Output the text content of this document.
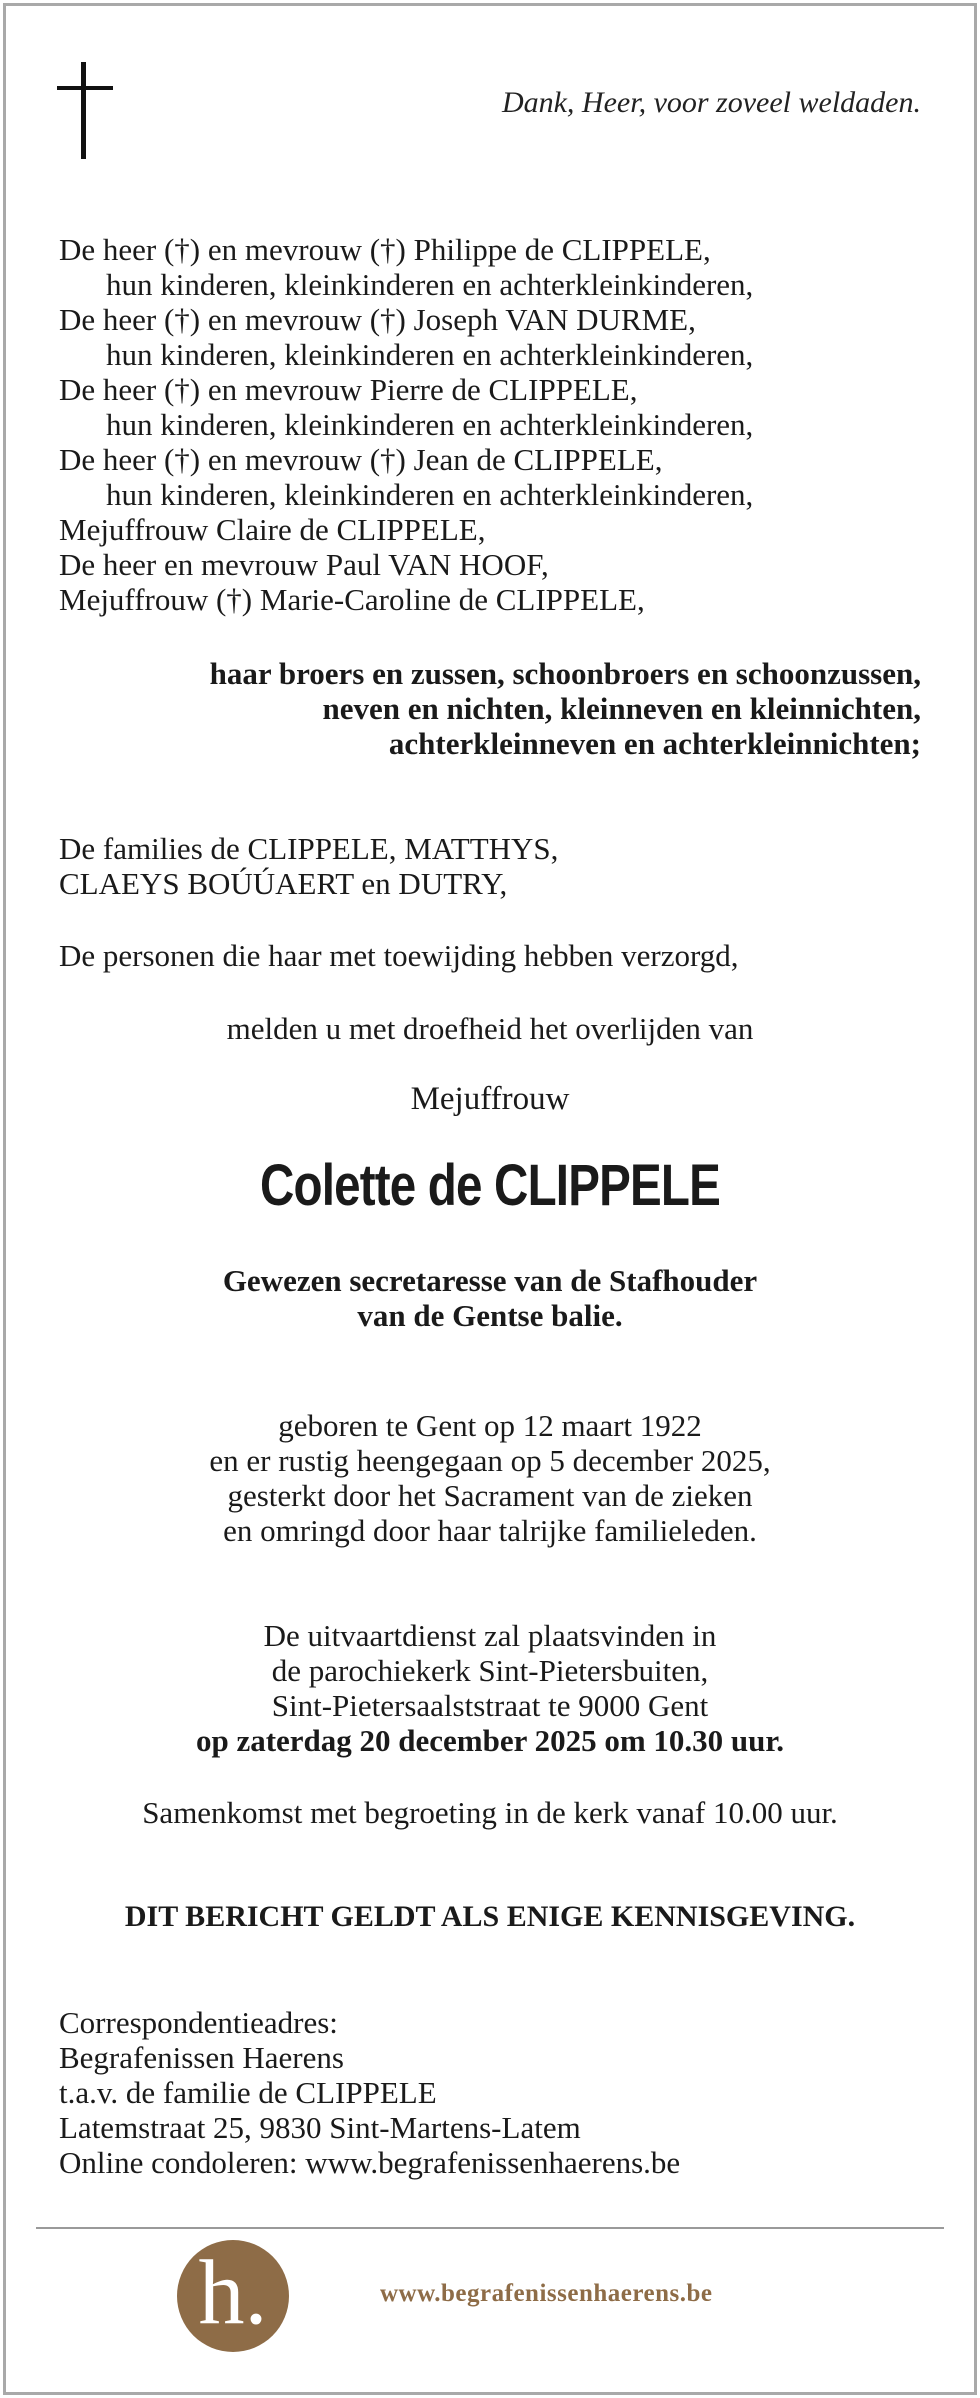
Dank, Heer, voor zoveel weldaden.
De heer (†) en mevrouw (†) Philippe de CLIPPELE,
hun kinderen, kleinkinderen en achterkleinkinderen,
De heer (†) en mevrouw (†) Joseph VAN DURME,
hun kinderen, kleinkinderen en achterkleinkinderen,
De heer (†) en mevrouw Pierre de CLIPPELE,
hun kinderen, kleinkinderen en achterkleinkinderen,
De heer (†) en mevrouw (†) Jean de CLIPPELE,
hun kinderen, kleinkinderen en achterkleinkinderen,
Mejuffrouw Claire de CLIPPELE,
De heer en mevrouw Paul VAN HOOF,
Mejuffrouw (†) Marie-Caroline de CLIPPELE,
haar broers en zussen, schoonbroers en schoonzussen,
neven en nichten, kleinneven en kleinnichten,
achterkleinneven en achterkleinnichten;
De families de CLIPPELE, MATTHYS,
CLAEYS BOÚÚAERT en DUTRY,
De personen die haar met toewijding hebben verzorgd,
melden u met droefheid het overlijden van
Mejuffrouw
Colette de CLIPPELE
Gewezen secretaresse van de Stafhouder
van de Gentse balie.
geboren te Gent op 12 maart 1922
en er rustig heengegaan op 5 december 2025,
gesterkt door het Sacrament van de zieken
en omringd door haar talrijke familieleden.
De uitvaartdienst zal plaatsvinden in
de parochiekerk Sint-Pietersbuiten,
Sint-Pietersaalststraat te 9000 Gent
op zaterdag 20 december 2025 om 10.30 uur.
Samenkomst met begroeting in de kerk vanaf 10.00 uur.
DIT BERICHT GELDT ALS ENIGE KENNISGEVING.
Correspondentieadres:
Begrafenissen Haerens
t.a.v. de familie de CLIPPELE
Latemstraat 25, 9830 Sint-Martens-Latem
Online condoleren: www.begrafenissenhaerens.be
h.	www.begrafenissenhaerens.be
